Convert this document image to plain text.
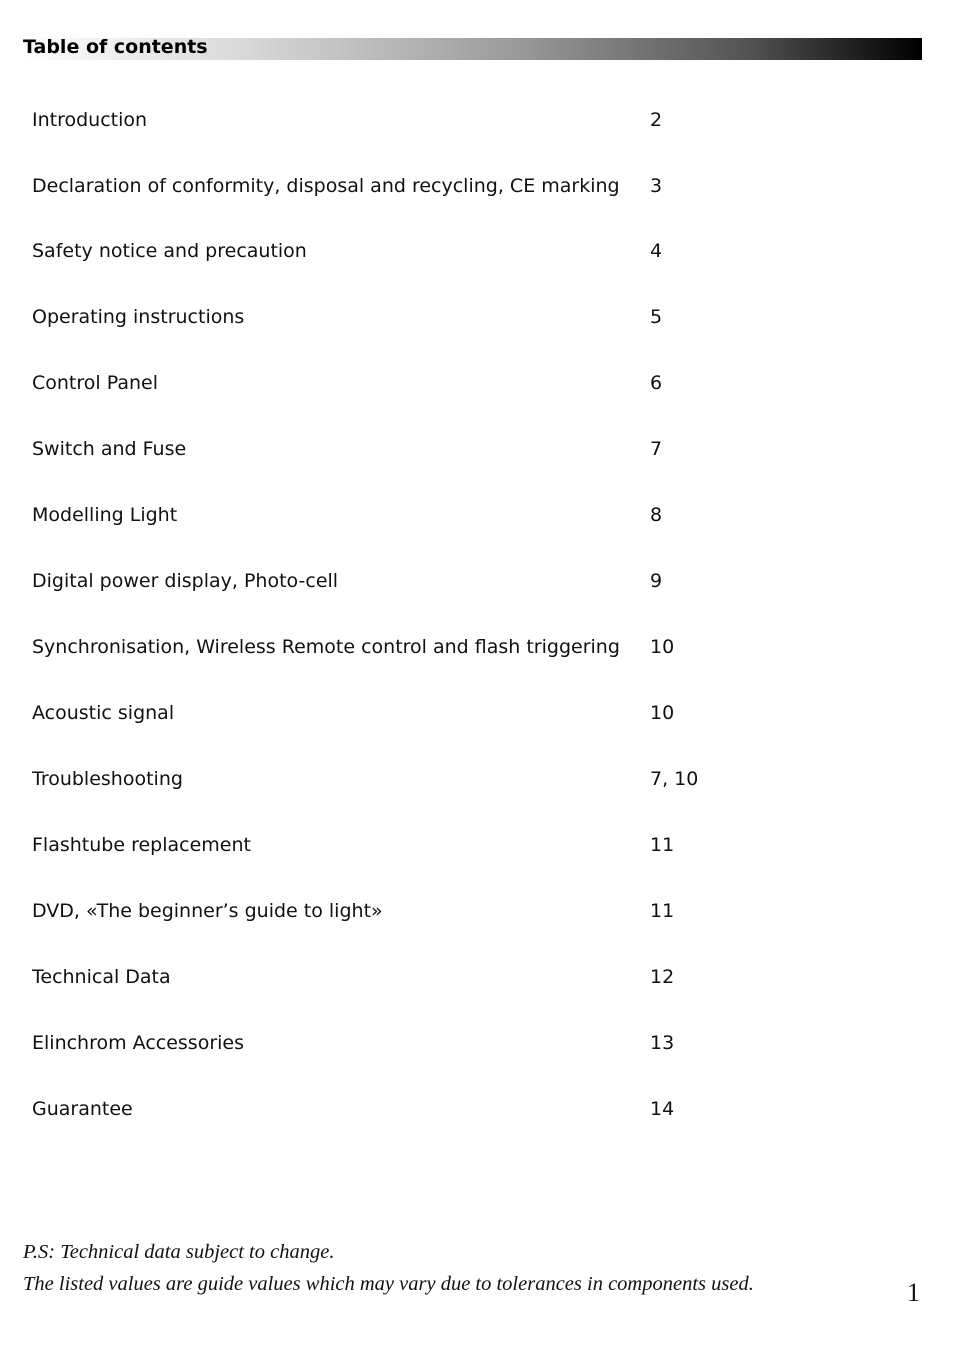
Table of contents
Introduction	2
Declaration of conformity, disposal and recycling, CE marking 3
Safety notice and precaution	4
Operating instructions	5
Control Panel	6
Switch and Fuse	7
Modelling Light	8
Digital power display, Photo-cell	9
Synchronisation, Wireless Remote control and flash triggering 10
Acoustic signal	10
Troubleshooting	7, 10
Flashtube replacement	11
DVD, «The beginner’s guide to light»	11
Technical Data	12
Elinchrom Accessories	13
Guarantee	14
P.S: Technical data subject to change.
The listed values are guide values which may vary due to tolerances in components used.	1
